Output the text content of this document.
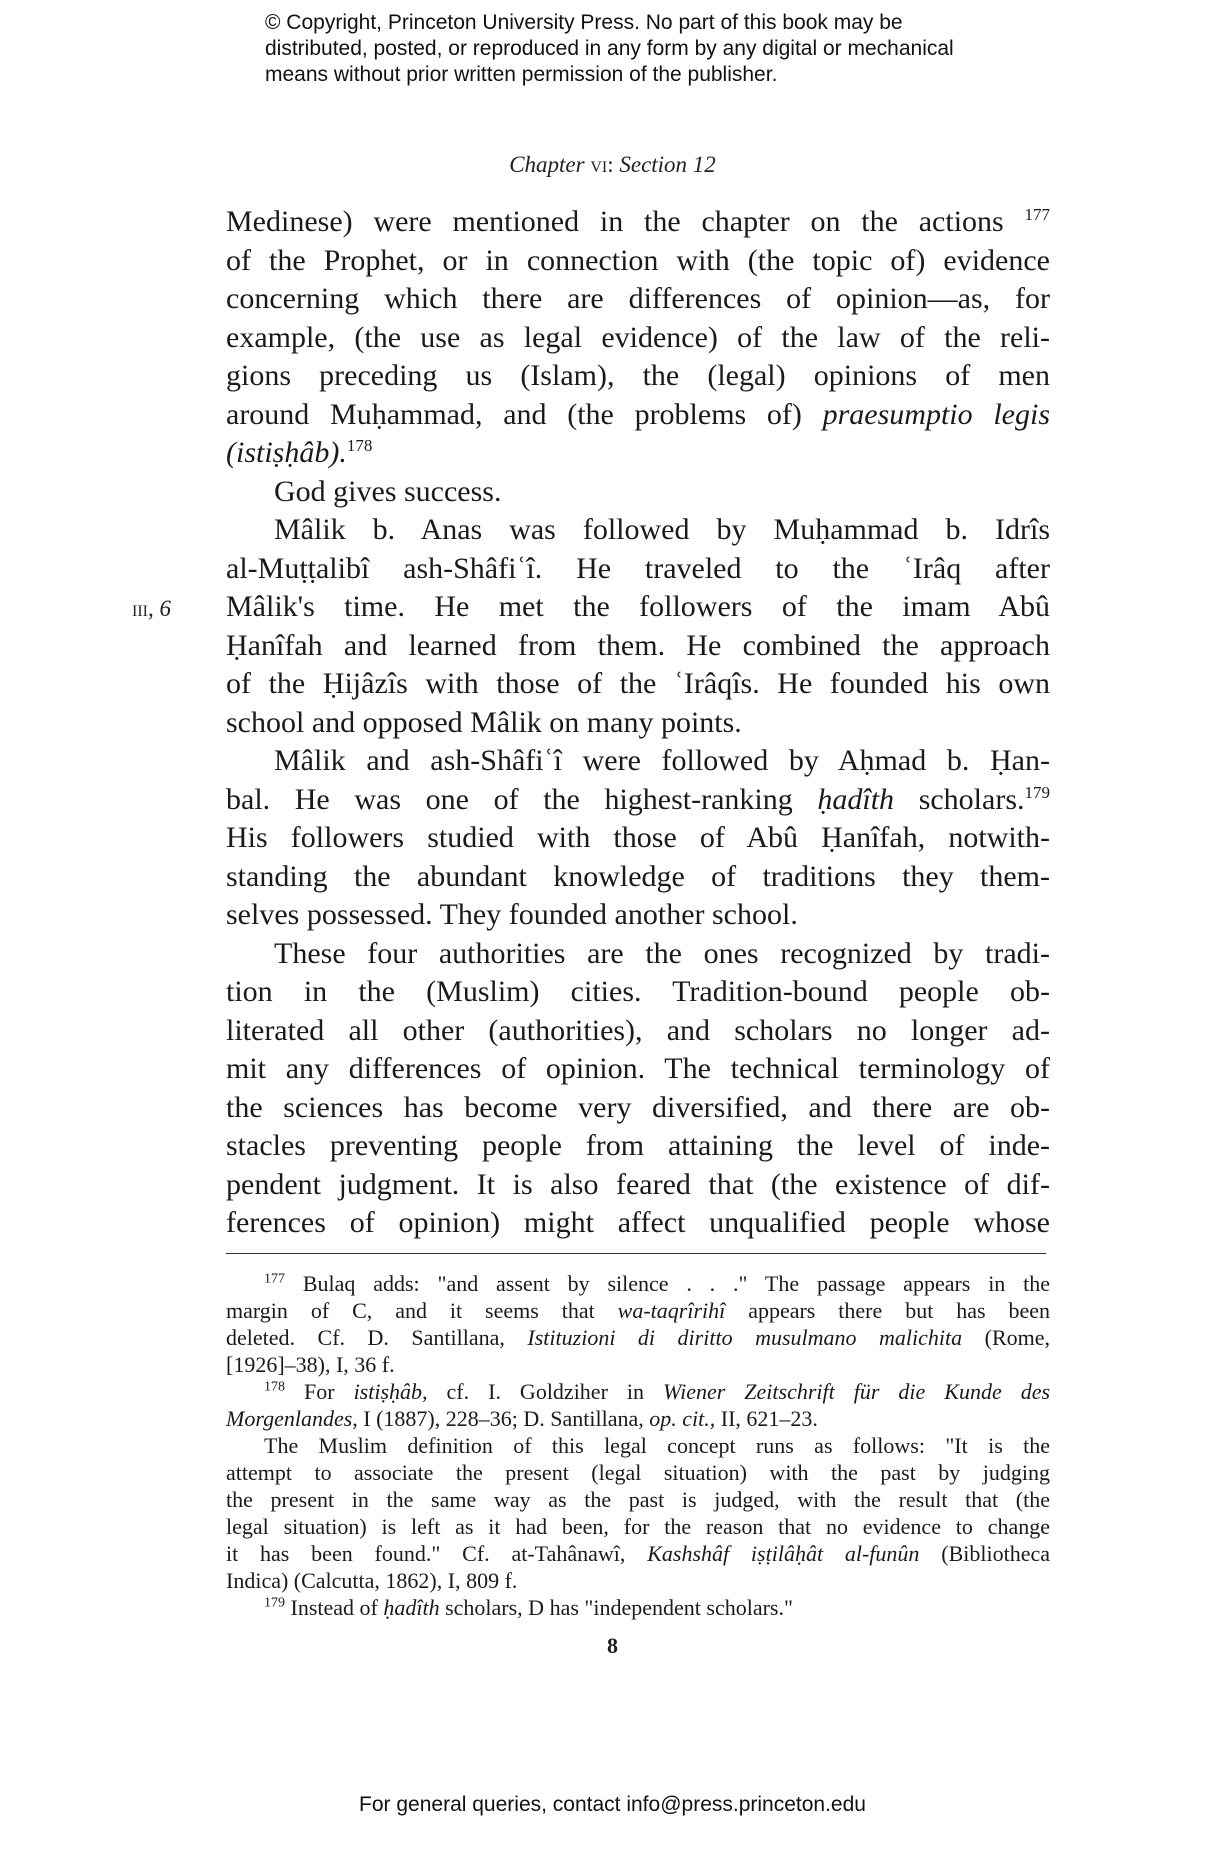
© Copyright, Princeton University Press. No part of this book may be
distributed, posted, or reproduced in any form by any digital or mechanical
means without prior written permission of the publisher.
Chapter vi: Section 12
iii, 6
Medinese) were mentioned in the chapter on the actions $^{177}$
of the Prophet, or in connection with (the topic of) evidence
concerning which there are differences of opinion—as, for
example, (the use as legal evidence) of the law of the reli-
gions preceding us (Islam), the (legal) opinions of men
around Muḥammad, and (the problems of) praesumptio legis
(istiṣḥâb).$^{178}$
God gives success.
Mâlik b. Anas was followed by Muḥammad b. Idrîs
al-Muṭṭalibî ash-Shâfiʿî. He traveled to the ʿIrâq after
Mâlik's time. He met the followers of the imam Abû
Ḥanîfah and learned from them. He combined the approach
of the Ḥijâzîs with those of the ʿIrâqîs. He founded his own
school and opposed Mâlik on many points.
Mâlik and ash-Shâfiʿî were followed by Aḥmad b. Ḥan-
bal. He was one of the highest-ranking ḥadîth scholars.$^{179}$
His followers studied with those of Abû Ḥanîfah, notwith-
standing the abundant knowledge of traditions they them-
selves possessed. They founded another school.
These four authorities are the ones recognized by tradi-
tion in the (Muslim) cities. Tradition-bound people ob-
literated all other (authorities), and scholars no longer ad-
mit any differences of opinion. The technical terminology of
the sciences has become very diversified, and there are ob-
stacles preventing people from attaining the level of inde-
pendent judgment. It is also feared that (the existence of dif-
ferences of opinion) might affect unqualified people whose
$^{177}$ Bulaq adds: "and assent by silence . . ." The passage appears in the
margin of C, and it seems that wa-taqrîrihî appears there but has been
deleted. Cf. D. Santillana, Istituzioni di diritto musulmano malichita (Rome,
[1926]–38), I, 36 f.
$^{178}$ For istiṣḥâb, cf. I. Goldziher in Wiener Zeitschrift für die Kunde des
Morgenlandes, I (1887), 228–36; D. Santillana, op. cit., II, 621–23.
The Muslim definition of this legal concept runs as follows: "It is the
attempt to associate the present (legal situation) with the past by judging
the present in the same way as the past is judged, with the result that (the
legal situation) is left as it had been, for the reason that no evidence to change
it has been found." Cf. at-Tahânawî, Kashshâf iṣṭilâḥât al-funûn (Bibliotheca
Indica) (Calcutta, 1862), I, 809 f.
$^{179}$ Instead of ḥadîth scholars, D has "independent scholars."
8
For general queries, contact info@press.princeton.edu
